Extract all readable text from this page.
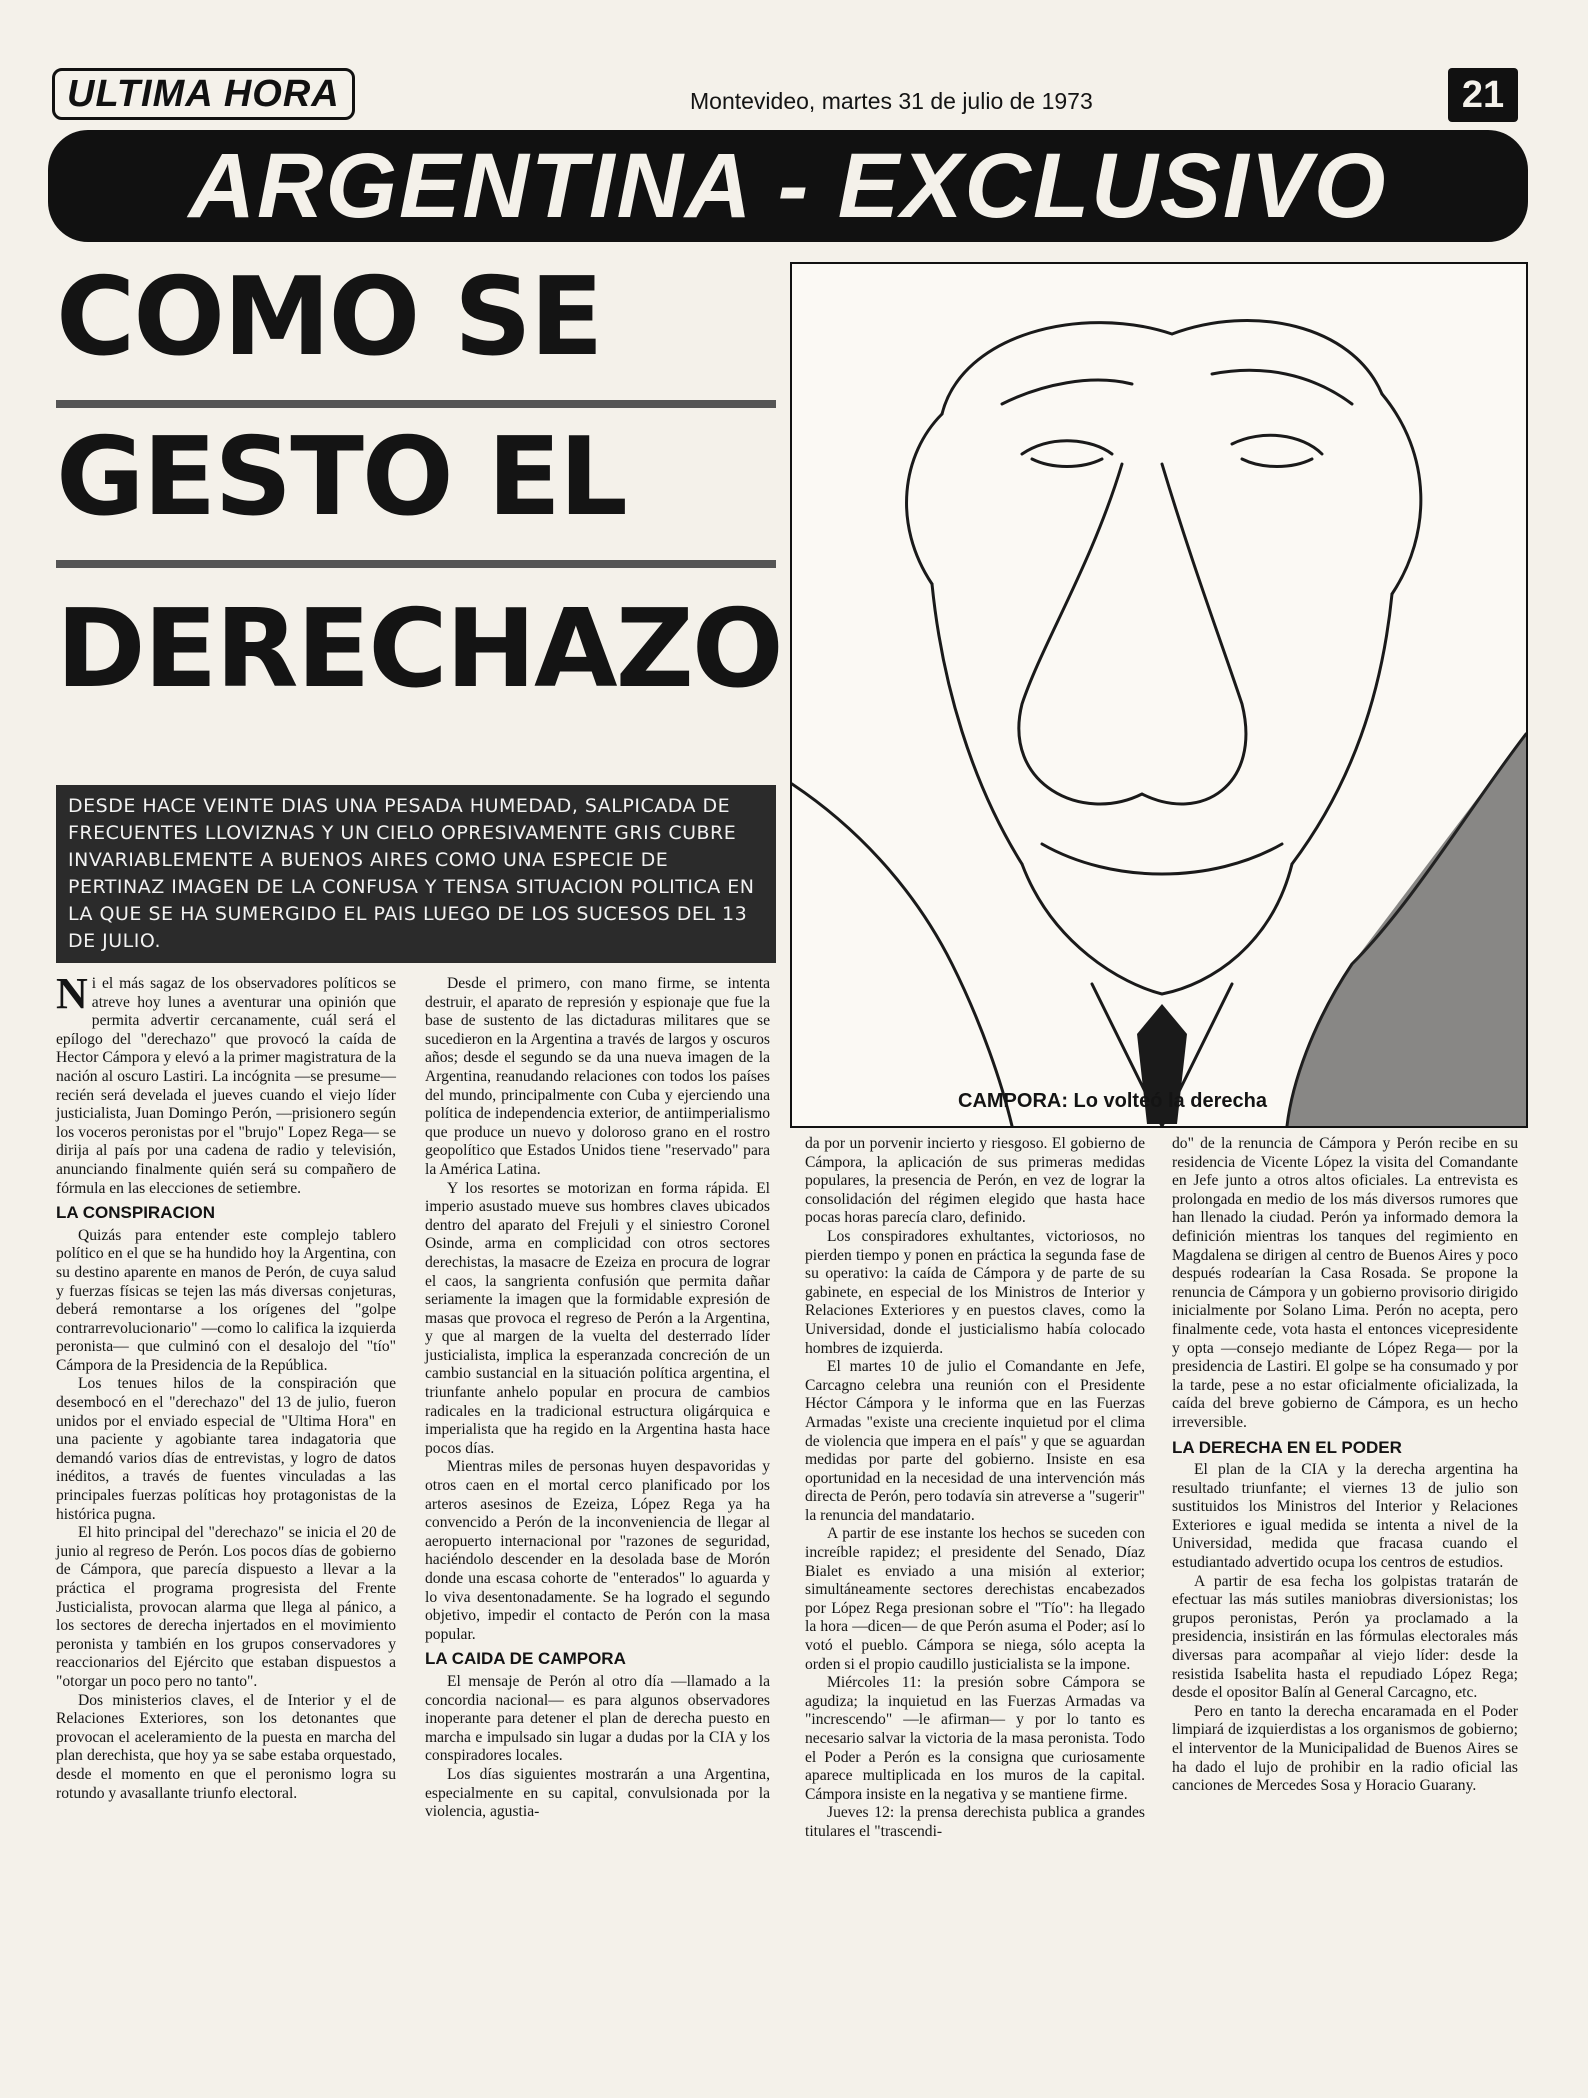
ULTIMA HORA	Montevideo, martes 31 de julio de 1973	21
ARGENTINA - EXCLUSIVO
COMO SE
GESTO EL
DERECHAZO
DESDE HACE VEINTE DIAS UNA PESADA HUMEDAD, SALPICADA DE FRECUENTES LLOVIZNAS Y UN CIELO OPRESIVAMENTE GRIS CUBRE INVARIABLEMENTE A BUENOS AIRES COMO UNA ESPECIE DE PERTINAZ IMAGEN DE LA CONFUSA Y TENSA SITUACION POLITICA EN LA QUE SE HA SUMERGIDO EL PAIS LUEGO DE LOS SUCESOS DEL 13 DE JULIO.
CAMPORA: Lo volteó la derecha

Ni el más sagaz de los observadores políticos se atreve hoy lunes a aventurar una opinión que permita advertir cercanamente, cuál será el epílogo del "derechazo" que provocó la caída de Hector Cámpora y elevó a la primer magistratura de la nación al oscuro Lastiri. La incógnita —se presume— recién será develada el jueves cuando el viejo líder justicialista, Juan Domingo Perón, —prisionero según los voceros peronistas por el "brujo" Lopez Rega— se dirija al país por una cadena de radio y televisión, anunciando finalmente quién será su compañero de fórmula en las elecciones de setiembre.

LA CONSPIRACION

Quizás para entender este complejo tablero político en el que se ha hundido hoy la Argentina, con su destino aparente en manos de Perón, de cuya salud y fuerzas físicas se tejen las más diversas conjeturas, deberá remontarse a los orígenes del "golpe contrarrevolucionario" —como lo califica la izquierda peronista— que culminó con el desalojo del "tío" Cámpora de la Presidencia de la República.

Los tenues hilos de la conspiración que desembocó en el "derechazo" del 13 de julio, fueron unidos por el enviado especial de "Ultima Hora" en una paciente y agobiante tarea indagatoria que demandó varios días de entrevistas, y logro de datos inéditos, a través de fuentes vinculadas a las principales fuerzas políticas hoy protagonistas de la histórica pugna.

El hito principal del "derechazo" se inicia el 20 de junio al regreso de Perón. Los pocos días de gobierno de Cámpora, que parecía dispuesto a llevar a la práctica el programa progresista del Frente Justicialista, provocan alarma que llega al pánico, a los sectores de derecha injertados en el movimiento peronista y también en los grupos conservadores y reaccionarios del Ejército que estaban dispuestos a "otorgar un poco pero no tanto".

Dos ministerios claves, el de Interior y el de Relaciones Exteriores, son los detonantes que provocan el aceleramiento de la puesta en marcha del plan derechista, que hoy ya se sabe estaba orquestado, desde el momento en que el peronismo logra su rotundo y avasallante triunfo electoral.

Desde el primero, con mano firme, se intenta destruir, el aparato de represión y espionaje que fue la base de sustento de las dictaduras militares que se sucedieron en la Argentina a través de largos y oscuros años; desde el segundo se da una nueva imagen de la Argentina, reanudando relaciones con todos los países del mundo, principalmente con Cuba y ejerciendo una política de independencia exterior, de antiimperialismo que produce un nuevo y doloroso grano en el rostro geopolítico que Estados Unidos tiene "reservado" para la América Latina.

Y los resortes se motorizan en forma rápida. El imperio asustado mueve sus hombres claves ubicados dentro del aparato del Frejuli y el siniestro Coronel Osinde, arma en complicidad con otros sectores derechistas, la masacre de Ezeiza en procura de lograr el caos, la sangrienta confusión que permita dañar seriamente la imagen que la formidable expresión de masas que provoca el regreso de Perón a la Argentina, y que al margen de la vuelta del desterrado líder justicialista, implica la esperanzada concreción de un cambio sustancial en la situación política argentina, el triunfante anhelo popular en procura de cambios radicales en la tradicional estructura oligárquica e imperialista que ha regido en la Argentina hasta hace pocos días.

Mientras miles de personas huyen despavoridas y otros caen en el mortal cerco planificado por los arteros asesinos de Ezeiza, López Rega ya ha convencido a Perón de la inconveniencia de llegar al aeropuerto internacional por "razones de seguridad, haciéndolo descender en la desolada base de Morón donde una escasa cohorte de "enterados" lo aguarda y lo viva desentonadamente. Se ha logrado el segundo objetivo, impedir el contacto de Perón con la masa popular.

LA CAIDA DE CAMPORA

El mensaje de Perón al otro día —llamado a la concordia nacional— es para algunos observadores inoperante para detener el plan de derecha puesto en marcha e impulsado sin lugar a dudas por la CIA y los conspiradores locales.

Los días siguientes mostrarán a una Argentina, especialmente en su capital, convulsionada por la violencia, agustia-

da por un porvenir incierto y riesgoso. El gobierno de Cámpora, la aplicación de sus primeras medidas populares, la presencia de Perón, en vez de lograr la consolidación del régimen elegido que hasta hace pocas horas parecía claro, definido.

Los conspiradores exhultantes, victoriosos, no pierden tiempo y ponen en práctica la segunda fase de su operativo: la caída de Cámpora y de parte de su gabinete, en especial de los Ministros de Interior y Relaciones Exteriores y en puestos claves, como la Universidad, donde el justicialismo había colocado hombres de izquierda.

El martes 10 de julio el Comandante en Jefe, Carcagno celebra una reunión con el Presidente Héctor Cámpora y le informa que en las Fuerzas Armadas "existe una creciente inquietud por el clima de violencia que impera en el país" y que se aguardan medidas por parte del gobierno. Insiste en esa oportunidad en la necesidad de una intervención más directa de Perón, pero todavía sin atreverse a "sugerir" la renuncia del mandatario.

A partir de ese instante los hechos se suceden con increíble rapidez; el presidente del Senado, Díaz Bialet es enviado a una misión al exterior; simultáneamente sectores derechistas encabezados por López Rega presionan sobre el "Tío": ha llegado la hora —dicen— de que Perón asuma el Poder; así lo votó el pueblo. Cámpora se niega, sólo acepta la orden si el propio caudillo justicialista se la impone.

Miércoles 11: la presión sobre Cámpora se agudiza; la inquietud en las Fuerzas Armadas va "increscendo" —le afirman— y por lo tanto es necesario salvar la victoria de la masa peronista. Todo el Poder a Perón es la consigna que curiosamente aparece multiplicada en los muros de la capital. Cámpora insiste en la negativa y se mantiene firme.

Jueves 12: la prensa derechista publica a grandes titulares el "trascendi-

do" de la renuncia de Cámpora y Perón recibe en su residencia de Vicente López la visita del Comandante en Jefe junto a otros altos oficiales. La entrevista es prolongada en medio de los más diversos rumores que han llenado la ciudad. Perón ya informado demora la definición mientras los tanques del regimiento en Magdalena se dirigen al centro de Buenos Aires y poco después rodearían la Casa Rosada. Se propone la renuncia de Cámpora y un gobierno provisorio dirigido inicialmente por Solano Lima. Perón no acepta, pero finalmente cede, vota hasta el entonces vicepresidente y opta —consejo mediante de López Rega— por la presidencia de Lastiri. El golpe se ha consumado y por la tarde, pese a no estar oficialmente oficializada, la caída del breve gobierno de Cámpora, es un hecho irreversible.

LA DERECHA EN EL PODER

El plan de la CIA y la derecha argentina ha resultado triunfante; el viernes 13 de julio son sustituidos los Ministros del Interior y Relaciones Exteriores e igual medida se intenta a nivel de la Universidad, medida que fracasa cuando el estudiantado advertido ocupa los centros de estudios.

A partir de esa fecha los golpistas tratarán de efectuar las más sutiles maniobras diversionistas; los grupos peronistas, Perón ya proclamado a la presidencia, insistirán en las fórmulas electorales más diversas para acompañar al viejo líder: desde la resistida Isabelita hasta el repudiado López Rega; desde el opositor Balín al General Carcagno, etc.

Pero en tanto la derecha encaramada en el Poder limpiará de izquierdistas a los organismos de gobierno; el interventor de la Municipalidad de Buenos Aires se ha dado el lujo de prohibir en la radio oficial las canciones de Mercedes Sosa y Horacio Guarany.
